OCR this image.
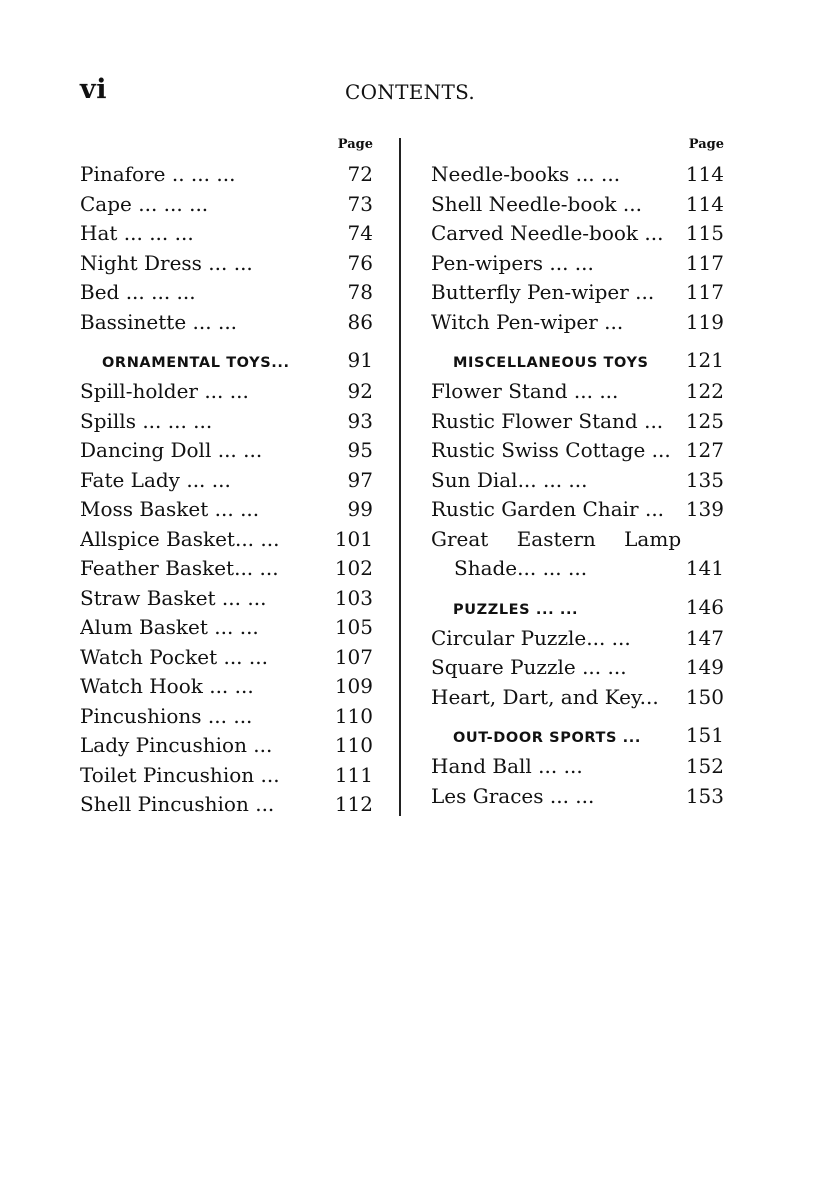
vi	CONTENTS.
Page
Pinafore .. ... ...	72
Cape ... ... ...	73
Hat ... ... ...	74
Night Dress ... ...	76
Bed ... ... ...	78
Bassinette ... ...	86
ORNAMENTAL TOYS...	91
Spill-holder ... ...	92
Spills ... ... ...	93
Dancing Doll ... ...	95
Fate Lady ... ...	97
Moss Basket ... ...	99
Allspice Basket... ...	101
Feather Basket... ...	102
Straw Basket ... ...	103
Alum Basket ... ...	105
Watch Pocket ... ...	107
Watch Hook ... ...	109
Pincushions ... ...	110
Lady Pincushion ...	110
Toilet Pincushion ...	111
Shell Pincushion ...	112
Page
Needle-books ... ...	114
Shell Needle-book ... 114
Carved Needle-book ... 115
Pen-wipers ... ...	117
Butterfly Pen-wiper ... 117
Witch Pen-wiper ...	119
MISCELLANEOUS TOYS 121
Flower Stand ... ...	122
Rustic Flower Stand ... 125
Rustic Swiss Cottage ... 127
Sun Dial... ... ...	135
Rustic Garden Chair ... 139
Great Eastern Lamp
Shade... ... ...	141
PUZZLES ... ...	146
Circular Puzzle... ...	147
Square Puzzle ... ...	149
Heart, Dart, and Key... 150
OUT-DOOR SPORTS ... 151
Hand Ball ... ...	152
Les Graces ... ...	153
